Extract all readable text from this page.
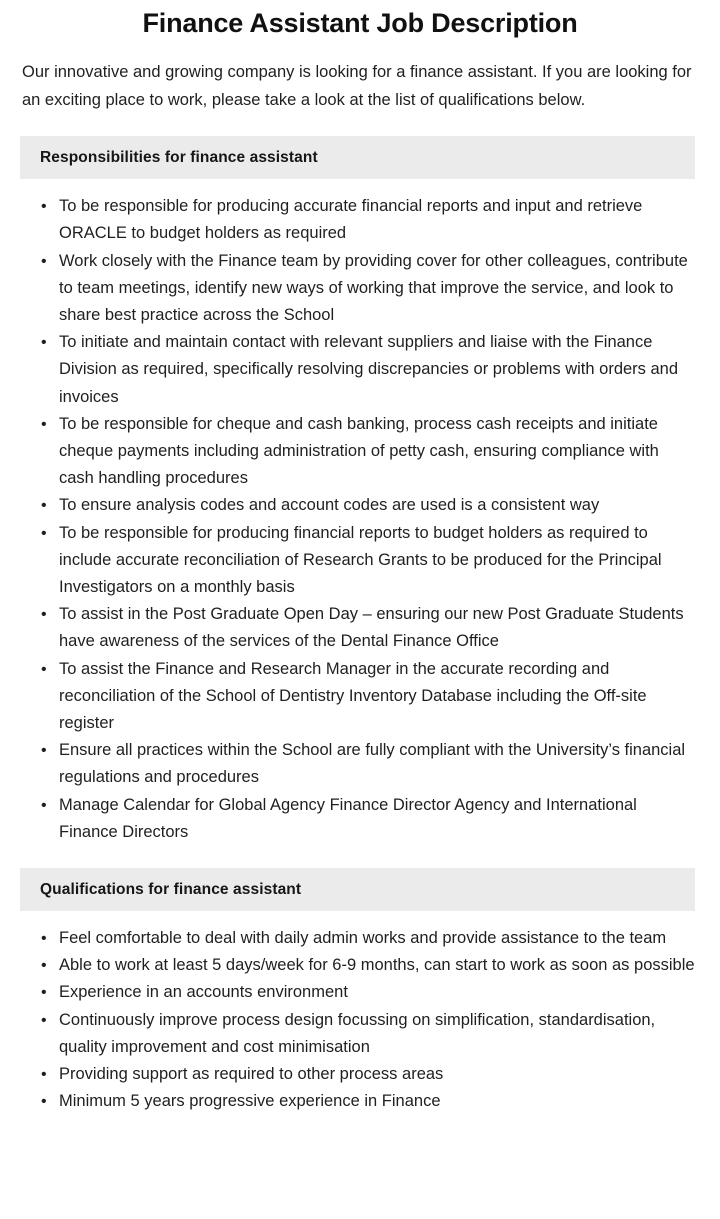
Finance Assistant Job Description

Our innovative and growing company is looking for a finance assistant. If you are looking for an exciting place to work, please take a look at the list of qualifications below.

Responsibilities for finance assistant
• To be responsible for producing accurate financial reports and input and retrieve ORACLE to budget holders as required
• Work closely with the Finance team by providing cover for other colleagues, contribute to team meetings, identify new ways of working that improve the service, and look to share best practice across the School
• To initiate and maintain contact with relevant suppliers and liaise with the Finance Division as required, specifically resolving discrepancies or problems with orders and invoices
• To be responsible for cheque and cash banking, process cash receipts and initiate cheque payments including administration of petty cash, ensuring compliance with cash handling procedures
• To ensure analysis codes and account codes are used is a consistent way
• To be responsible for producing financial reports to budget holders as required to include accurate reconciliation of Research Grants to be produced for the Principal Investigators on a monthly basis
• To assist in the Post Graduate Open Day – ensuring our new Post Graduate Students have awareness of the services of the Dental Finance Office
• To assist the Finance and Research Manager in the accurate recording and reconciliation of the School of Dentistry Inventory Database including the Off-site register
• Ensure all practices within the School are fully compliant with the University’s financial regulations and procedures
• Manage Calendar for Global Agency Finance Director Agency and International Finance Directors
Qualifications for finance assistant
• Feel comfortable to deal with daily admin works and provide assistance to the team
• Able to work at least 5 days/week for 6-9 months, can start to work as soon as possible
• Experience in an accounts environment
• Continuously improve process design focussing on simplification, standardisation, quality improvement and cost minimisation
• Providing support as required to other process areas
• Minimum 5 years progressive experience in Finance
